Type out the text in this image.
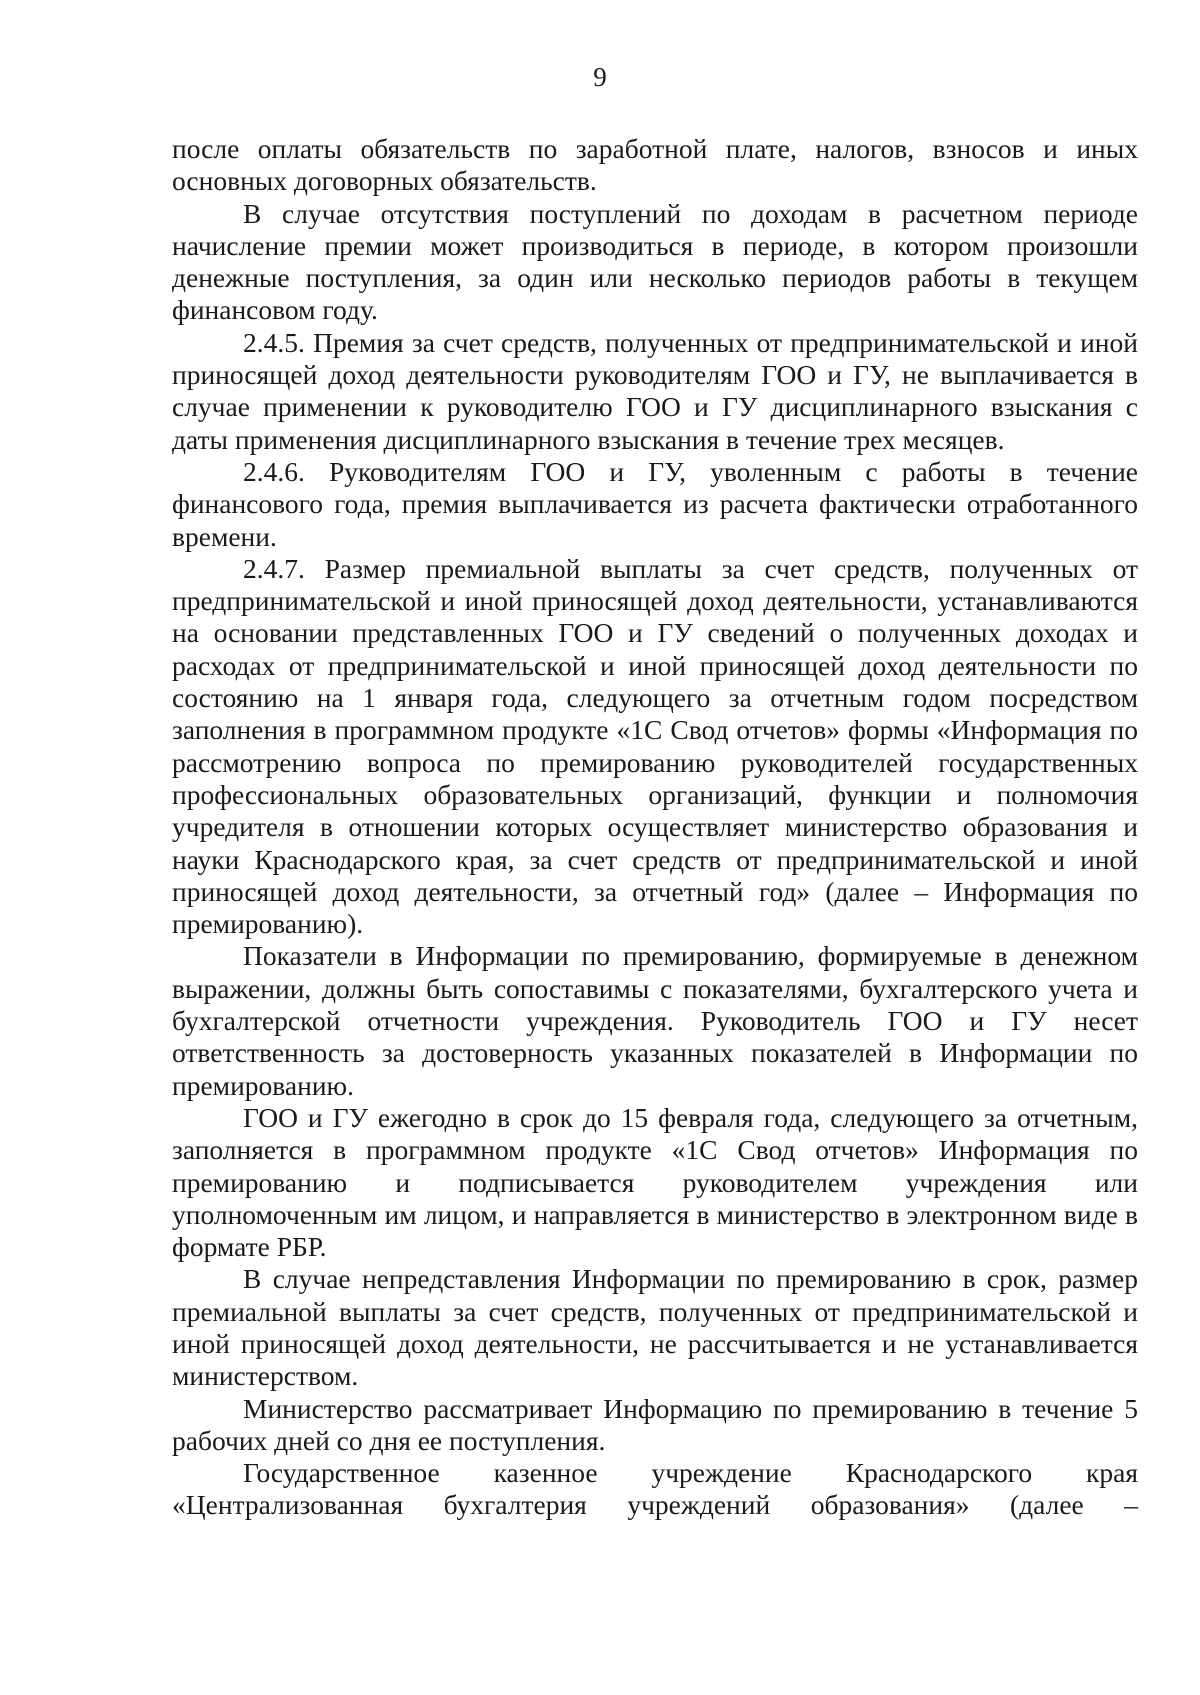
9

после оплаты обязательств по заработной плате, налогов, взносов и иных основных договорных обязательств.

В случае отсутствия поступлений по доходам в расчетном периоде начисление премии может производиться в периоде, в котором произошли денежные поступления, за один или несколько периодов работы в текущем финансовом году.

2.4.5. Премия за счет средств, полученных от предпринимательской и иной приносящей доход деятельности руководителям ГОО и ГУ, не выплачивается в случае применении к руководителю ГОО и ГУ дисциплинарного взыскания с даты применения дисциплинарного взыскания в течение трех месяцев.

2.4.6. Руководителям ГОО и ГУ, уволенным с работы в течение финансового года, премия выплачивается из расчета фактически отработанного времени.

2.4.7. Размер премиальной выплаты за счет средств, полученных от предпринимательской и иной приносящей доход деятельности, устанавливаются на основании представленных ГОО и ГУ сведений о полученных доходах и расходах от предпринимательской и иной приносящей доход деятельности по состоянию на 1 января года, следующего за отчетным годом посредством заполнения в программном продукте «1С Свод отчетов» формы «Информация по рассмотрению вопроса по премированию руководителей государственных профессиональных образовательных организаций, функции и полномочия учредителя в отношении которых осуществляет министерство образования и науки Краснодарского края, за счет средств от предпринимательской и иной приносящей доход деятельности, за отчетный год» (далее – Информация по премированию).

Показатели в Информации по премированию, формируемые в денежном выражении, должны быть сопоставимы с показателями, бухгалтерского учета и бухгалтерской отчетности учреждения. Руководитель ГОО и ГУ несет ответственность за достоверность указанных показателей в Информации по премированию.

ГОО и ГУ ежегодно в срок до 15 февраля года, следующего за отчетным, заполняется в программном продукте «1С Свод отчетов» Информация по премированию и подписывается руководителем учреждения или уполномоченным им лицом, и направляется в министерство в электронном виде в формате РБР.

В случае непредставления Информации по премированию в срок, размер премиальной выплаты за счет средств, полученных от предпринимательской и иной приносящей доход деятельности, не рассчитывается и не устанавливается министерством.

Министерство рассматривает Информацию по премированию в течение 5 рабочих дней со дня ее поступления.

Государственное казенное учреждение Краснодарского края «Централизованная бухгалтерия учреждений образования» (далее –
